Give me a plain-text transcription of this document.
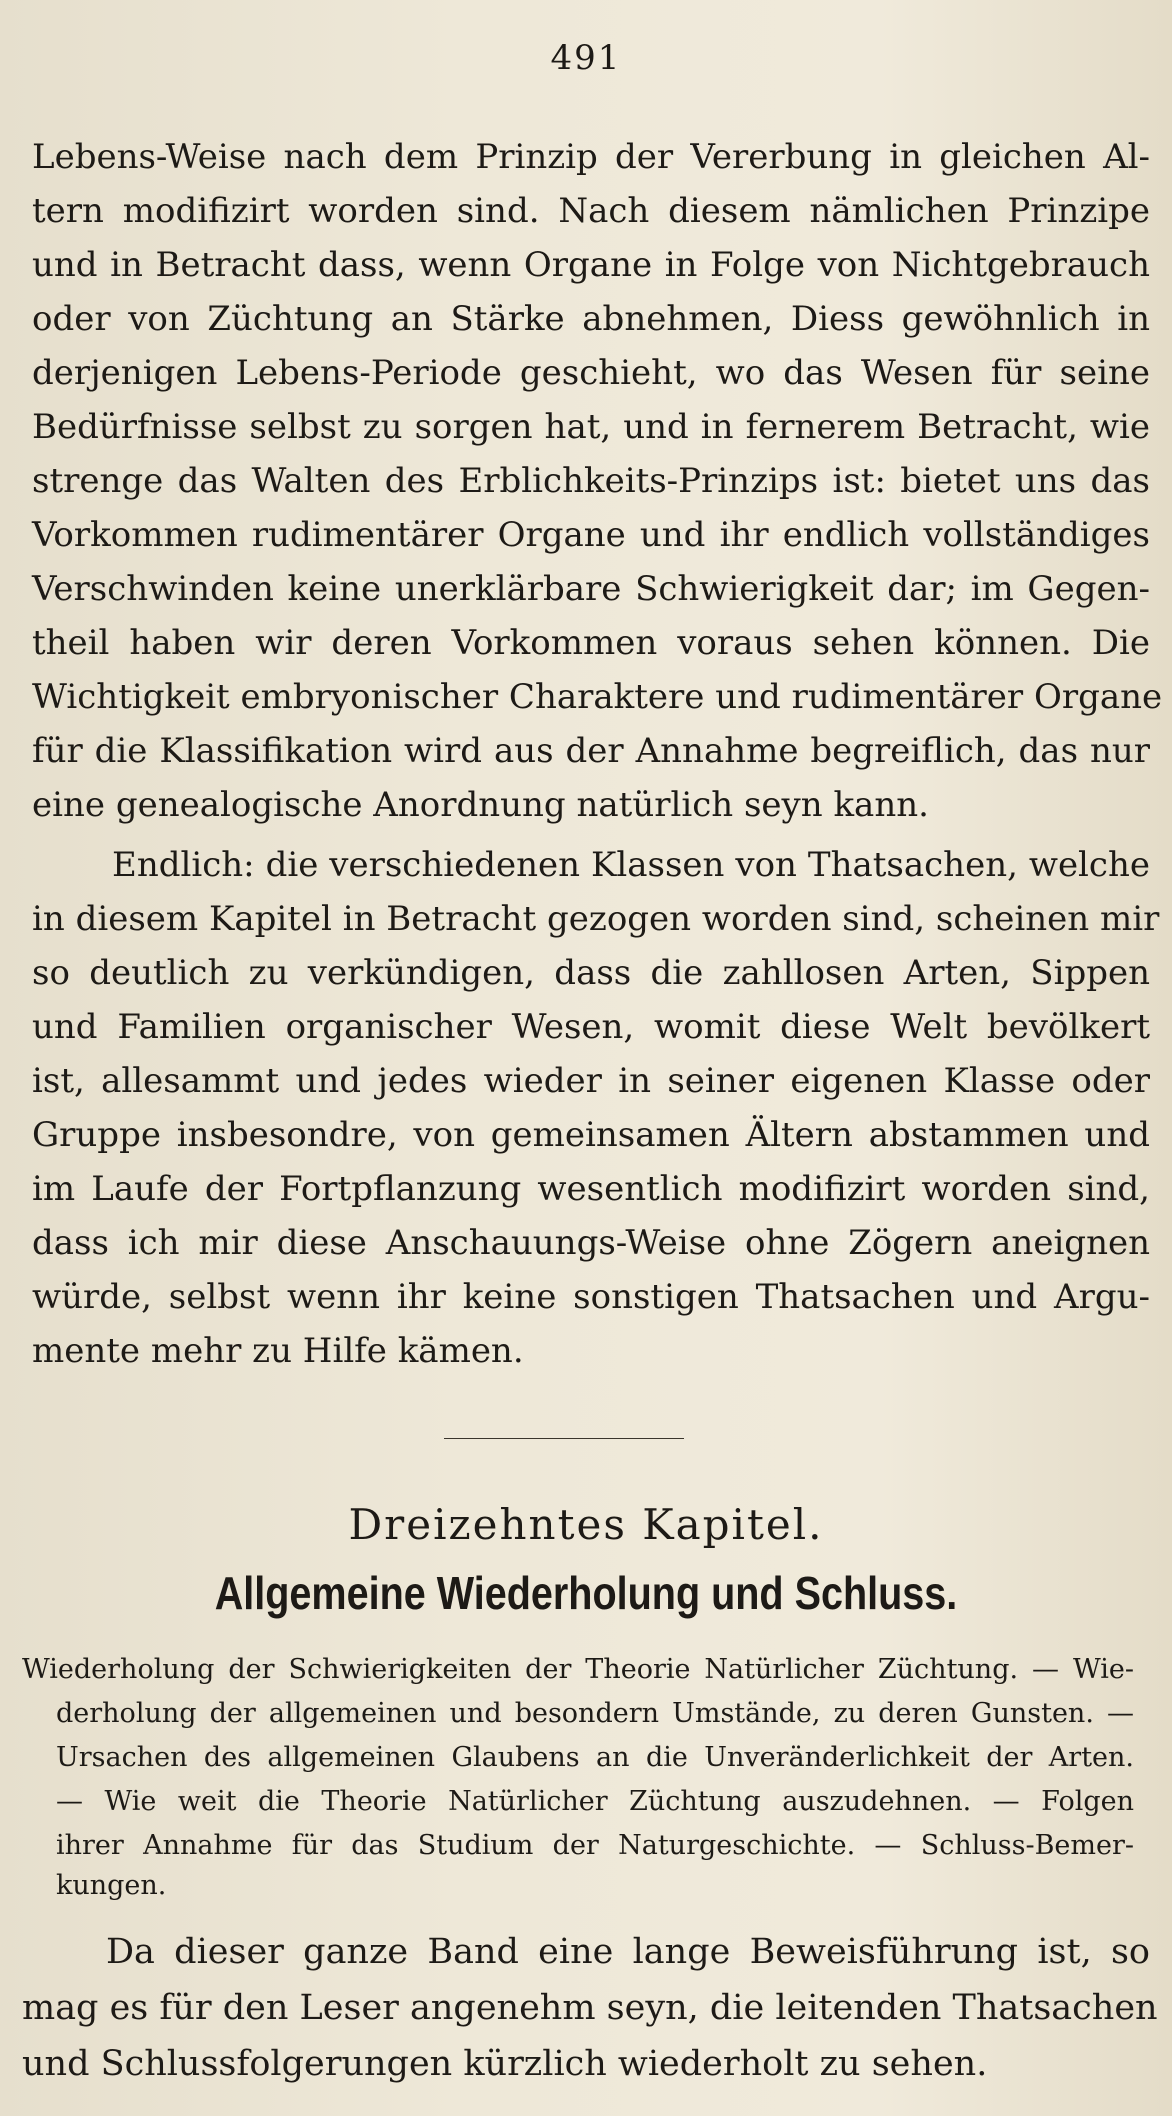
491
Lebens-Weise nach dem Prinzip der Vererbung in gleichen Al-
tern modifizirt worden sind. Nach diesem nämlichen Prinzipe
und in Betracht dass, wenn Organe in Folge von Nichtgebrauch
oder von Züchtung an Stärke abnehmen, Diess gewöhnlich in
derjenigen Lebens-Periode geschieht, wo das Wesen für seine
Bedürfnisse selbst zu sorgen hat, und in fernerem Betracht, wie
strenge das Walten des Erblichkeits-Prinzips ist: bietet uns das
Vorkommen rudimentärer Organe und ihr endlich vollständiges
Verschwinden keine unerklärbare Schwierigkeit dar; im Gegen-
theil haben wir deren Vorkommen voraus sehen können. Die
Wichtigkeit embryonischer Charaktere und rudimentärer Organe
für die Klassifikation wird aus der Annahme begreiflich, das nur
eine genealogische Anordnung natürlich seyn kann.
Endlich: die verschiedenen Klassen von Thatsachen, welche
in diesem Kapitel in Betracht gezogen worden sind, scheinen mir
so deutlich zu verkündigen, dass die zahllosen Arten, Sippen
und Familien organischer Wesen, womit diese Welt bevölkert
ist, allesammt und jedes wieder in seiner eigenen Klasse oder
Gruppe insbesondre, von gemeinsamen Ältern abstammen und
im Laufe der Fortpflanzung wesentlich modifizirt worden sind,
dass ich mir diese Anschauungs-Weise ohne Zögern aneignen
würde, selbst wenn ihr keine sonstigen Thatsachen und Argu-
mente mehr zu Hilfe kämen.
Dreizehntes Kapitel.
Allgemeine Wiederholung und Schluss.
Wiederholung der Schwierigkeiten der Theorie Natürlicher Züchtung. — Wie-
derholung der allgemeinen und besondern Umstände, zu deren Gunsten. —
Ursachen des allgemeinen Glaubens an die Unveränderlichkeit der Arten.
— Wie weit die Theorie Natürlicher Züchtung auszudehnen. — Folgen
ihrer Annahme für das Studium der Naturgeschichte. — Schluss-Bemer-
kungen.
Da dieser ganze Band eine lange Beweisführung ist, so
mag es für den Leser angenehm seyn, die leitenden Thatsachen
und Schlussfolgerungen kürzlich wiederholt zu sehen.
